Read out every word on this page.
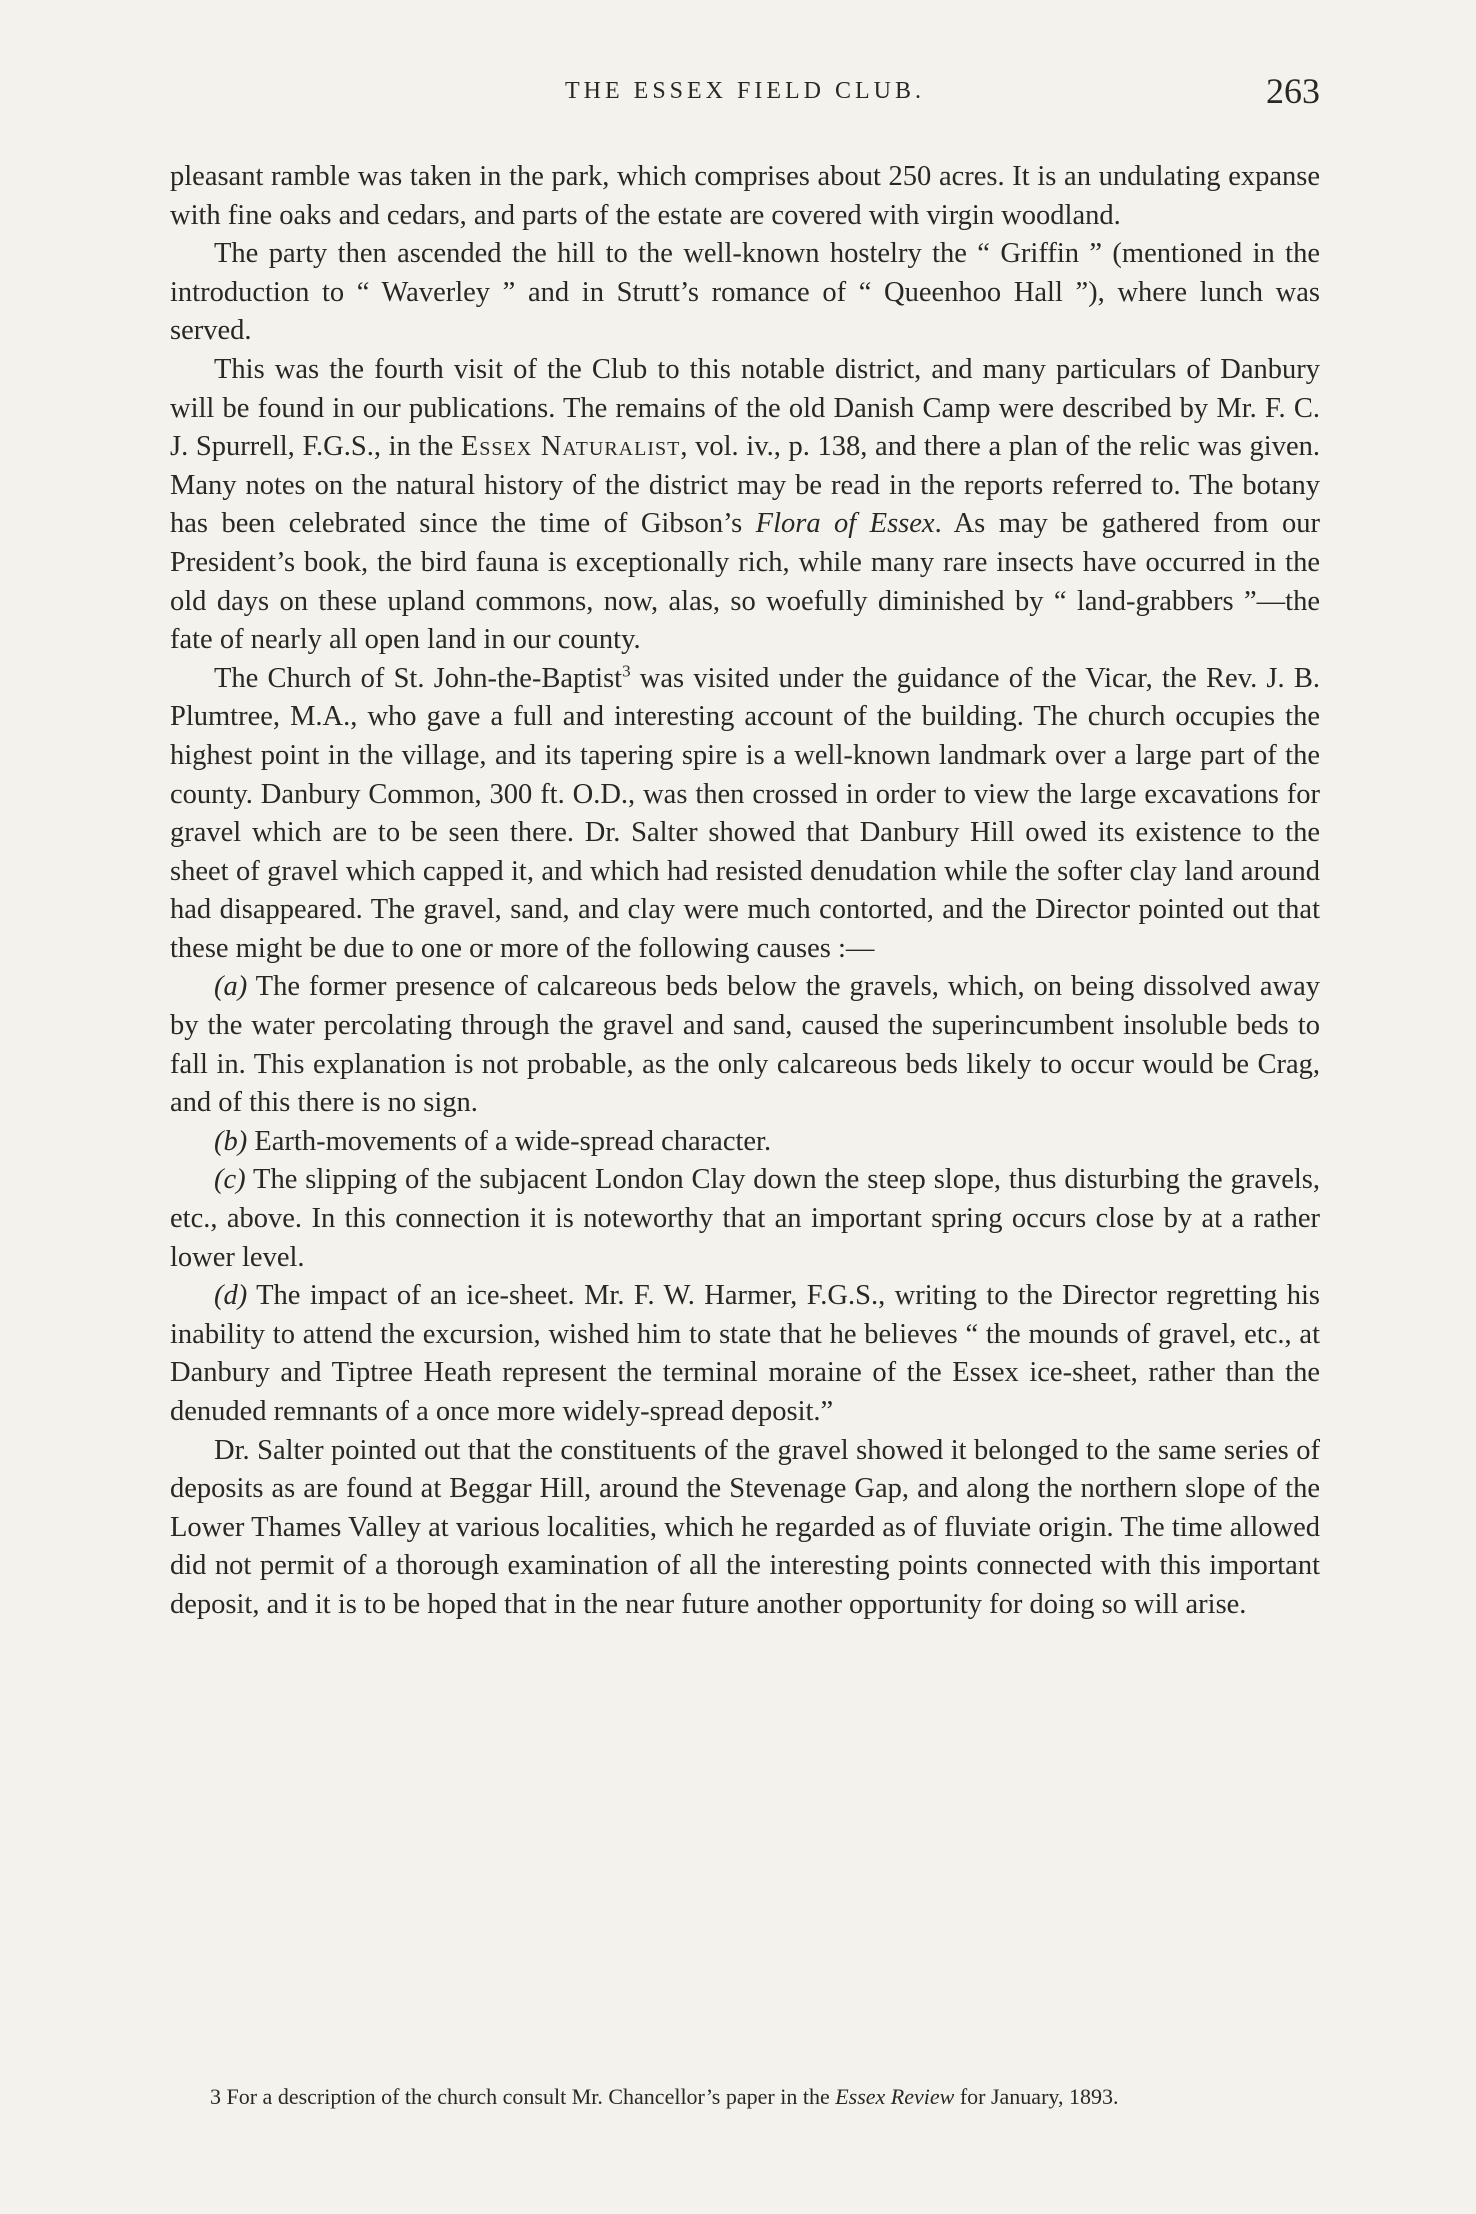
THE ESSEX FIELD CLUB.	263

pleasant ramble was taken in the park, which comprises about 250 acres. It is an undulating expanse with fine oaks and cedars, and parts of the estate are covered with virgin woodland.

The party then ascended the hill to the well-known hostelry the “ Griffin ” (mentioned in the introduction to “ Waverley ” and in Strutt’s romance of “ Queenhoo Hall ”), where lunch was served.

This was the fourth visit of the Club to this notable district, and many particulars of Danbury will be found in our publications. The remains of the old Danish Camp were described by Mr. F. C. J. Spurrell, F.G.S., in the Essex Naturalist, vol. iv., p. 138, and there a plan of the relic was given. Many notes on the natural history of the district may be read in the reports referred to. The botany has been celebrated since the time of Gibson’s Flora of Essex. As may be gathered from our President’s book, the bird fauna is exceptionally rich, while many rare insects have occurred in the old days on these upland commons, now, alas, so woefully diminished by “ land-grabbers ”—the fate of nearly all open land in our county.

The Church of St. John-the-Baptist$^3$ was visited under the guidance of the Vicar, the Rev. J. B. Plumtree, M.A., who gave a full and interesting account of the building. The church occupies the highest point in the village, and its tapering spire is a well-known landmark over a large part of the county. Danbury Common, 300 ft. O.D., was then crossed in order to view the large excavations for gravel which are to be seen there. Dr. Salter showed that Danbury Hill owed its existence to the sheet of gravel which capped it, and which had resisted denudation while the softer clay land around had disappeared. The gravel, sand, and clay were much contorted, and the Director pointed out that these might be due to one or more of the following causes :—

(a) The former presence of calcareous beds below the gravels, which, on being dissolved away by the water percolating through the gravel and sand, caused the superincumbent insoluble beds to fall in. This explanation is not probable, as the only calcareous beds likely to occur would be Crag, and of this there is no sign.

(b) Earth-movements of a wide-spread character.

(c) The slipping of the subjacent London Clay down the steep slope, thus disturbing the gravels, etc., above. In this connection it is noteworthy that an important spring occurs close by at a rather lower level.

(d) The impact of an ice-sheet. Mr. F. W. Harmer, F.G.S., writing to the Director regretting his inability to attend the excursion, wished him to state that he believes “ the mounds of gravel, etc., at Danbury and Tiptree Heath represent the terminal moraine of the Essex ice-sheet, rather than the denuded remnants of a once more widely-spread deposit.”

Dr. Salter pointed out that the constituents of the gravel showed it belonged to the same series of deposits as are found at Beggar Hill, around the Stevenage Gap, and along the northern slope of the Lower Thames Valley at various localities, which he regarded as of fluviate origin. The time allowed did not permit of a thorough examination of all the interesting points connected with this important deposit, and it is to be hoped that in the near future another opportunity for doing so will arise.

3 For a description of the church consult Mr. Chancellor’s paper in the Essex Review for January, 1893.
